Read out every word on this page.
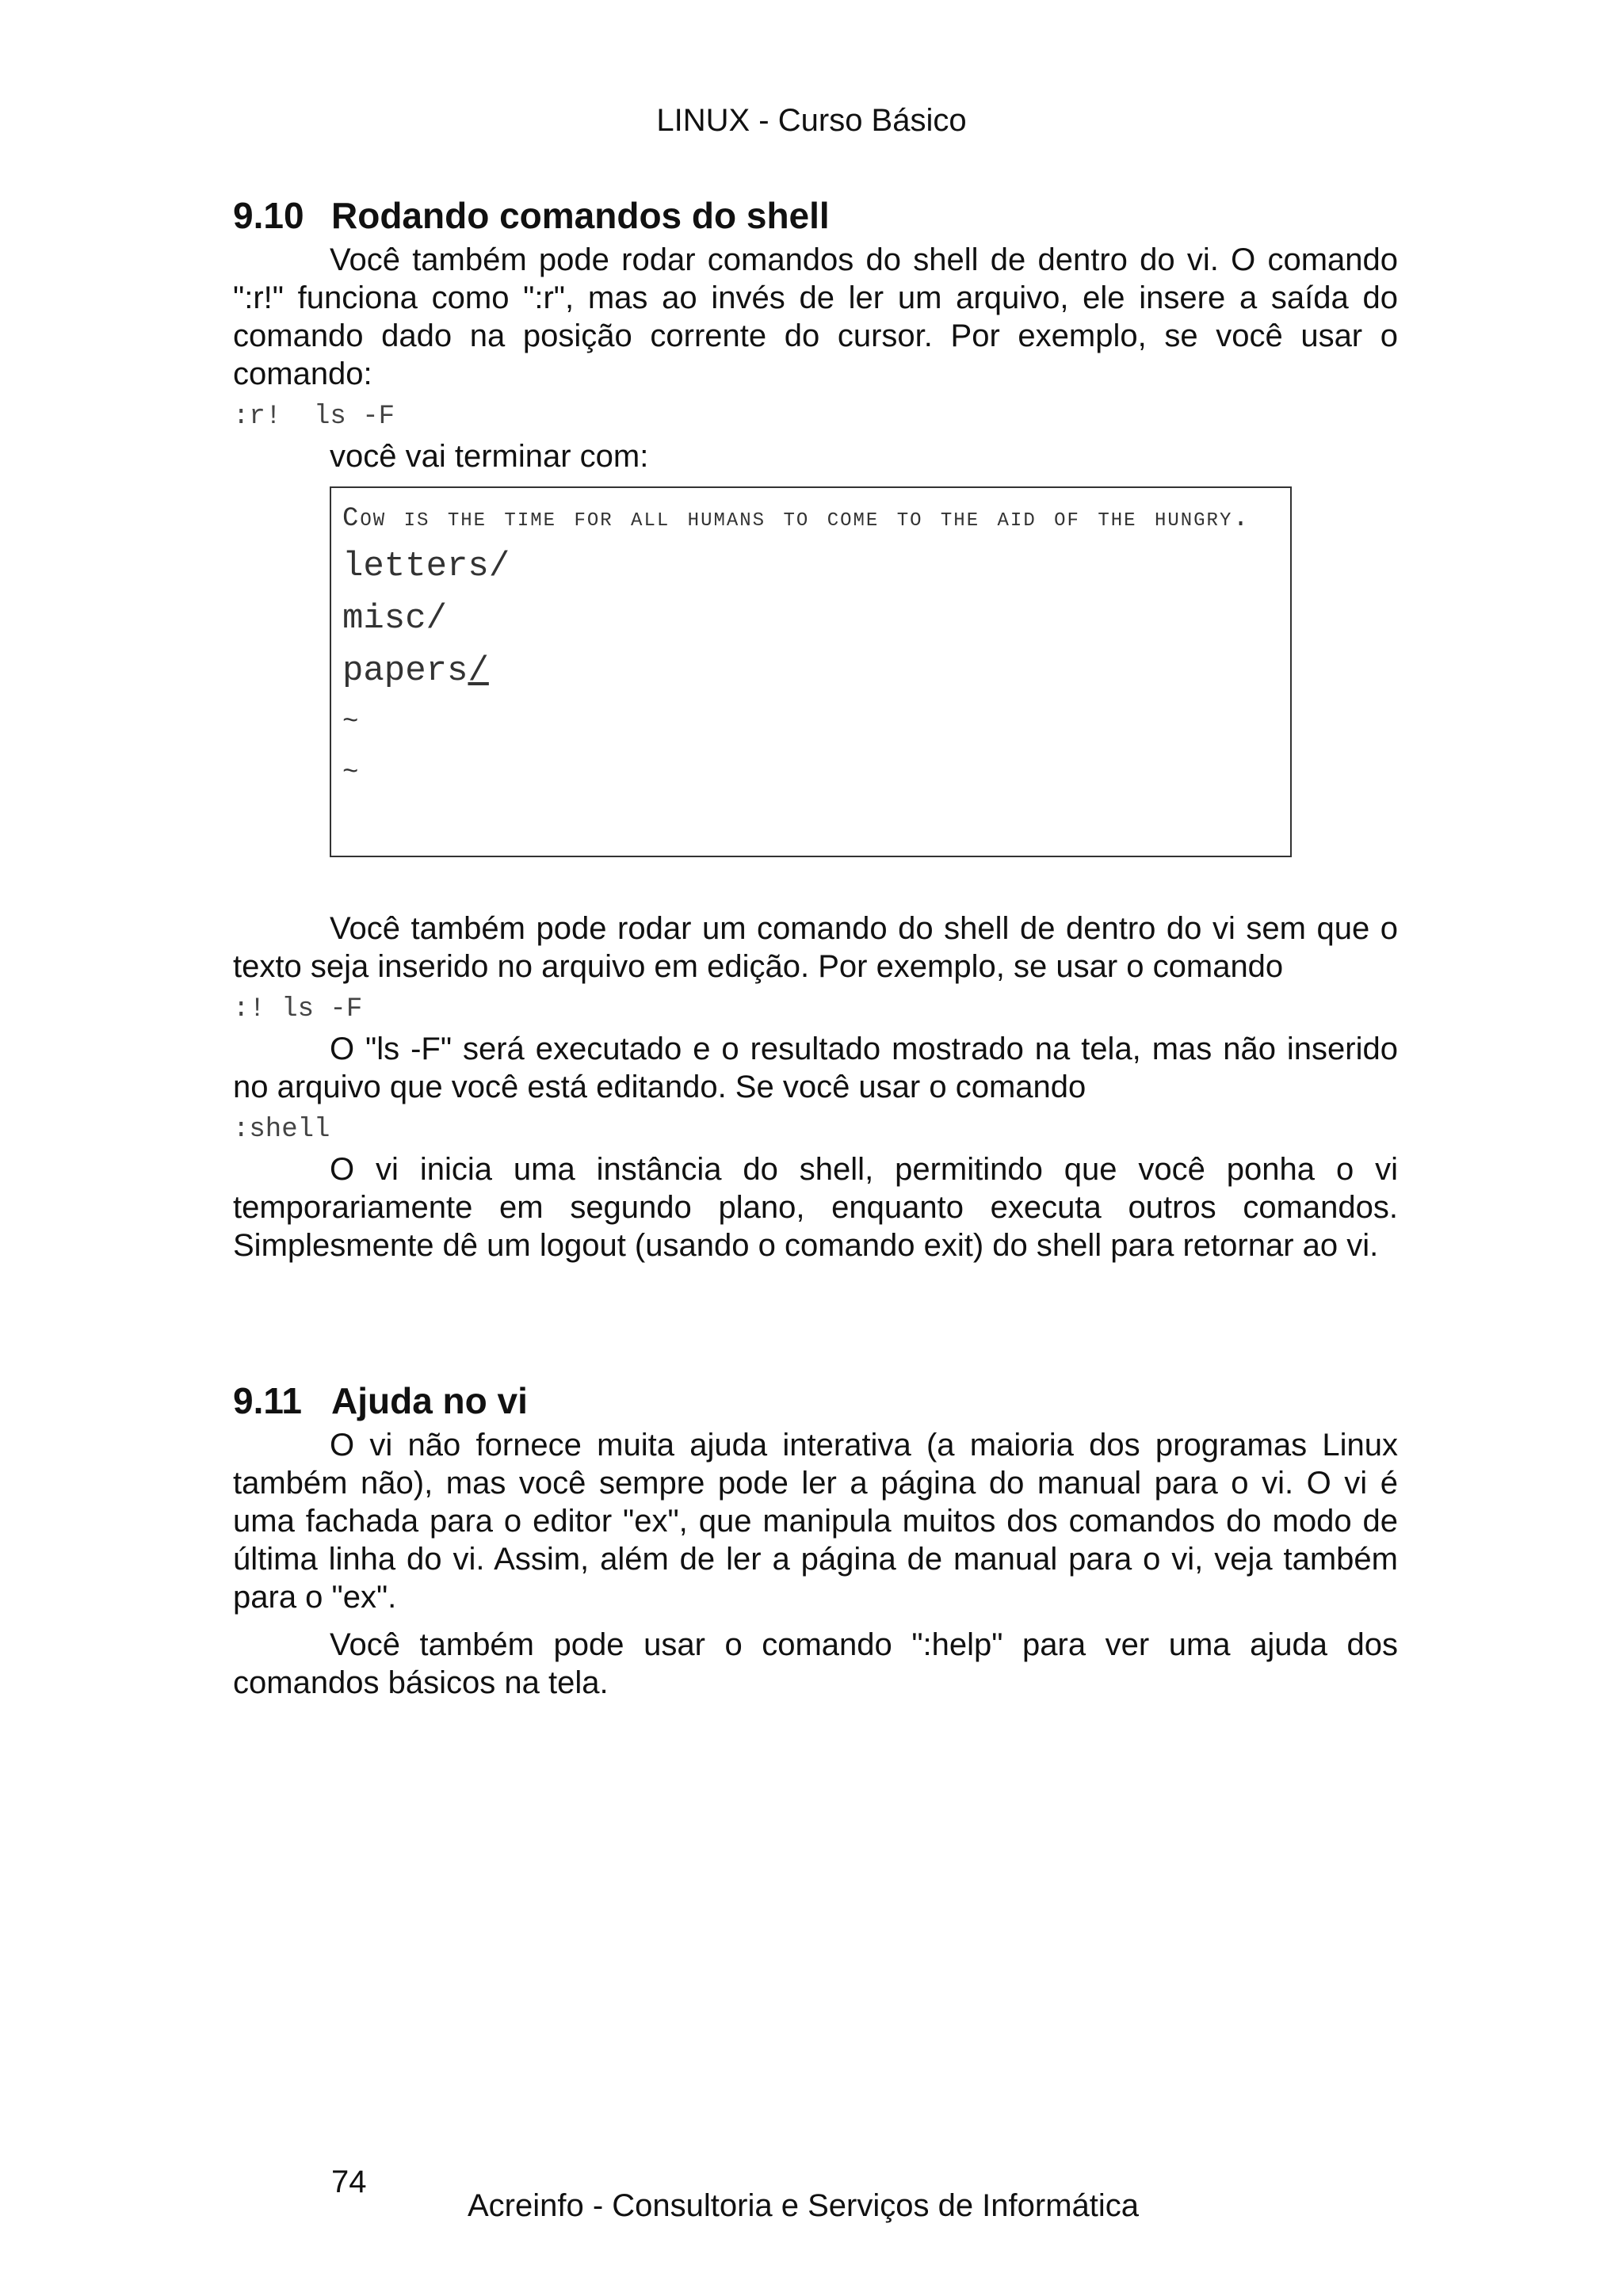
LINUX - Curso Básico
9.10 Rodando comandos do shell

Você também pode rodar comandos do shell de dentro do vi. O comando ":r!" funciona como ":r", mas ao invés de ler um arquivo, ele insere a saída do comando dado na posição corrente do cursor. Por exemplo, se você usar o comando:

:r!  ls -F
você vai terminar com:
Cow is the time for all humans to come to the aid of the hungry.
letters/
misc/
papers/
~
~

Você também pode rodar um comando do shell de dentro do vi sem que o texto seja inserido no arquivo em edição. Por exemplo, se usar o comando

:! ls -F

O "ls -F" será executado e o resultado mostrado na tela, mas não inserido no arquivo que você está editando. Se você usar o comando

:shell

O vi inicia uma instância do shell, permitindo que você ponha o vi temporariamente em segundo plano, enquanto executa outros comandos. Simplesmente dê um logout (usando o comando exit) do shell para retornar ao vi.

9.11 Ajuda no vi

O vi não fornece muita ajuda interativa (a maioria dos programas Linux também não), mas você sempre pode ler a página do manual para o vi. O vi é uma fachada para o editor "ex", que manipula muitos dos comandos do modo de última linha do vi. Assim, além de ler a página de manual para o vi, veja também para o "ex".

Você também pode usar o comando ":help" para ver uma ajuda dos comandos básicos na tela.

74
Acreinfo - Consultoria e Serviços de Informática
